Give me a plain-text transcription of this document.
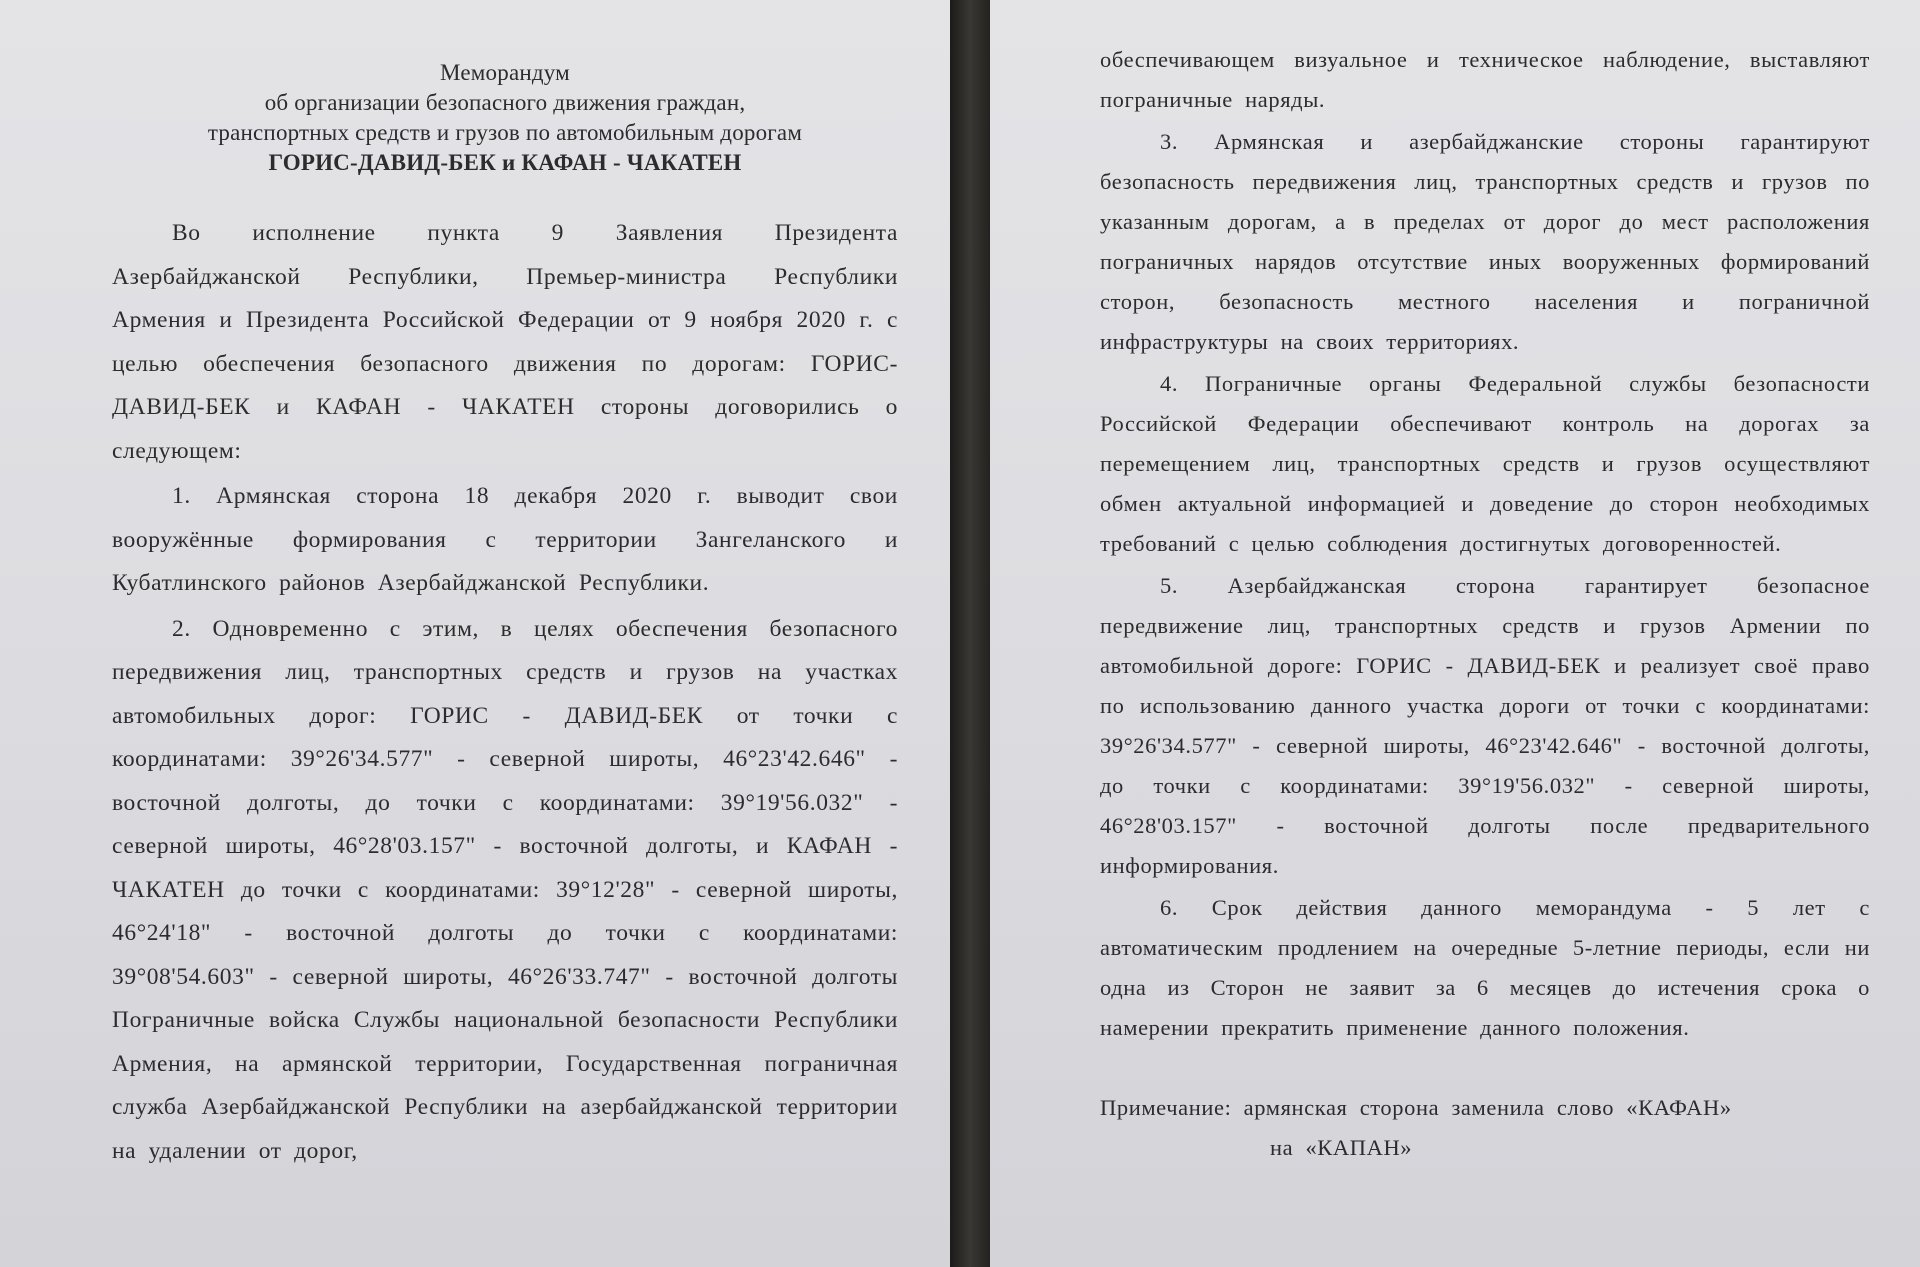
Меморандум
об организации безопасного движения граждан,
транспортных средств и грузов по автомобильным дорогам
ГОРИС-ДАВИД-БЕК и КАФАН - ЧАКАТЕН

Во исполнение пункта 9 Заявления Президента Азербайджанской Республики, Премьер-министра Республики Армения и Президента Российской Федерации от 9 ноября 2020 г. с целью обеспечения безопасного движения по дорогам: ГОРИС-ДАВИД-БЕК и КАФАН - ЧАКАТЕН стороны договорились о следующем:

1. Армянская сторона 18 декабря 2020 г. выводит свои вооружённые формирования с территории Зангеланского и Кубатлинского районов Азербайджанской Республики.

2. Одновременно с этим, в целях обеспечения безопасного передвижения лиц, транспортных средств и грузов на участках автомобильных дорог: ГОРИС - ДАВИД-БЕК от точки с координатами: 39°26'34.577" - северной широты, 46°23'42.646" - восточной долготы, до точки с координатами: 39°19'56.032" - северной широты, 46°28'03.157" - восточной долготы, и КАФАН - ЧАКАТЕН до точки с координатами: 39°12'28" - северной широты, 46°24'18" - восточной долготы до точки с координатами: 39°08'54.603" - северной широты, 46°26'33.747" - восточной долготы Пограничные войска Службы национальной безопасности Республики Армения, на армянской территории, Государственная пограничная служба Азербайджанской Республики на азербайджанской территории на удалении от дорог,

обеспечивающем визуальное и техническое наблюдение, выставляют пограничные наряды.

3. Армянская и азербайджанские стороны гарантируют безопасность передвижения лиц, транспортных средств и грузов по указанным дорогам, а в пределах от дорог до мест расположения пограничных нарядов отсутствие иных вооруженных формирований сторон, безопасность местного населения и пограничной инфраструктуры на своих территориях.

4. Пограничные органы Федеральной службы безопасности Российской Федерации обеспечивают контроль на дорогах за перемещением лиц, транспортных средств и грузов осуществляют обмен актуальной информацией и доведение до сторон необходимых требований с целью соблюдения достигнутых договоренностей.

5. Азербайджанская сторона гарантирует безопасное передвижение лиц, транспортных средств и грузов Армении по автомобильной дороге: ГОРИС - ДАВИД-БЕК и реализует своё право по использованию данного участка дороги от точки с координатами: 39°26'34.577" - северной широты, 46°23'42.646" - восточной долготы, до точки с координатами: 39°19'56.032" - северной широты, 46°28'03.157" - восточной долготы после предварительного информирования.

6. Срок действия данного меморандума - 5 лет с автоматическим продлением на очередные 5-летние периоды, если ни одна из Сторон не заявит за 6 месяцев до истечения срока о намерении прекратить применение данного положения.

Примечание: армянская сторона заменила слово «КАФАН»

на «КАПАН»
